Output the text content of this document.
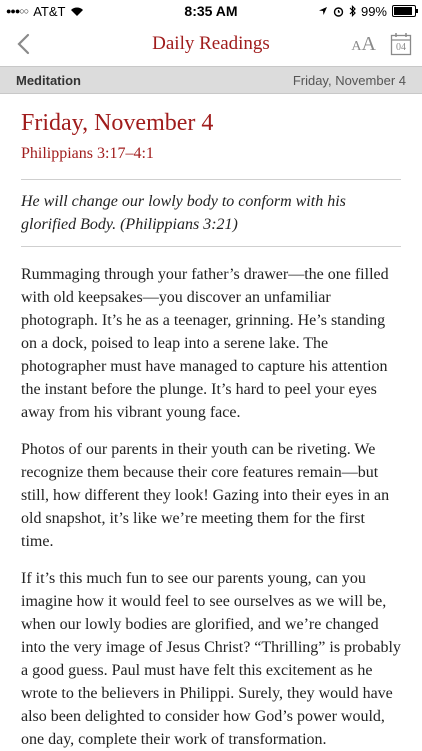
●●●○○ AT&T	8:35 AM	99%
Daily Readings	AA	04
Meditation	Friday, November 4
Friday, November 4
Philippians 3:17–4:1

He will change our lowly body to conform with his glorified Body. (Philippians 3:21)

Rummaging through your father’s drawer—the one filled with old keepsakes—you discover an unfamiliar photograph. It’s he as a teenager, grinning. He’s standing on a dock, poised to leap into a serene lake. The photographer must have managed to capture his attention the instant before the plunge. It’s hard to peel your eyes away from his vibrant young face.

Photos of our parents in their youth can be riveting. We recognize them because their core features remain—but still, how different they look! Gazing into their eyes in an old snapshot, it’s like we’re meeting them for the first time.

If it’s this much fun to see our parents young, can you imagine how it would feel to see ourselves as we will be, when our lowly bodies are glorified, and we’re changed into the very image of Jesus Christ? “Thrilling” is probably a good guess. Paul must have felt this excitement as he wrote to the believers in Philippi. Surely, they would have also been delighted to consider how God’s power would, one day, complete their work of transformation.
